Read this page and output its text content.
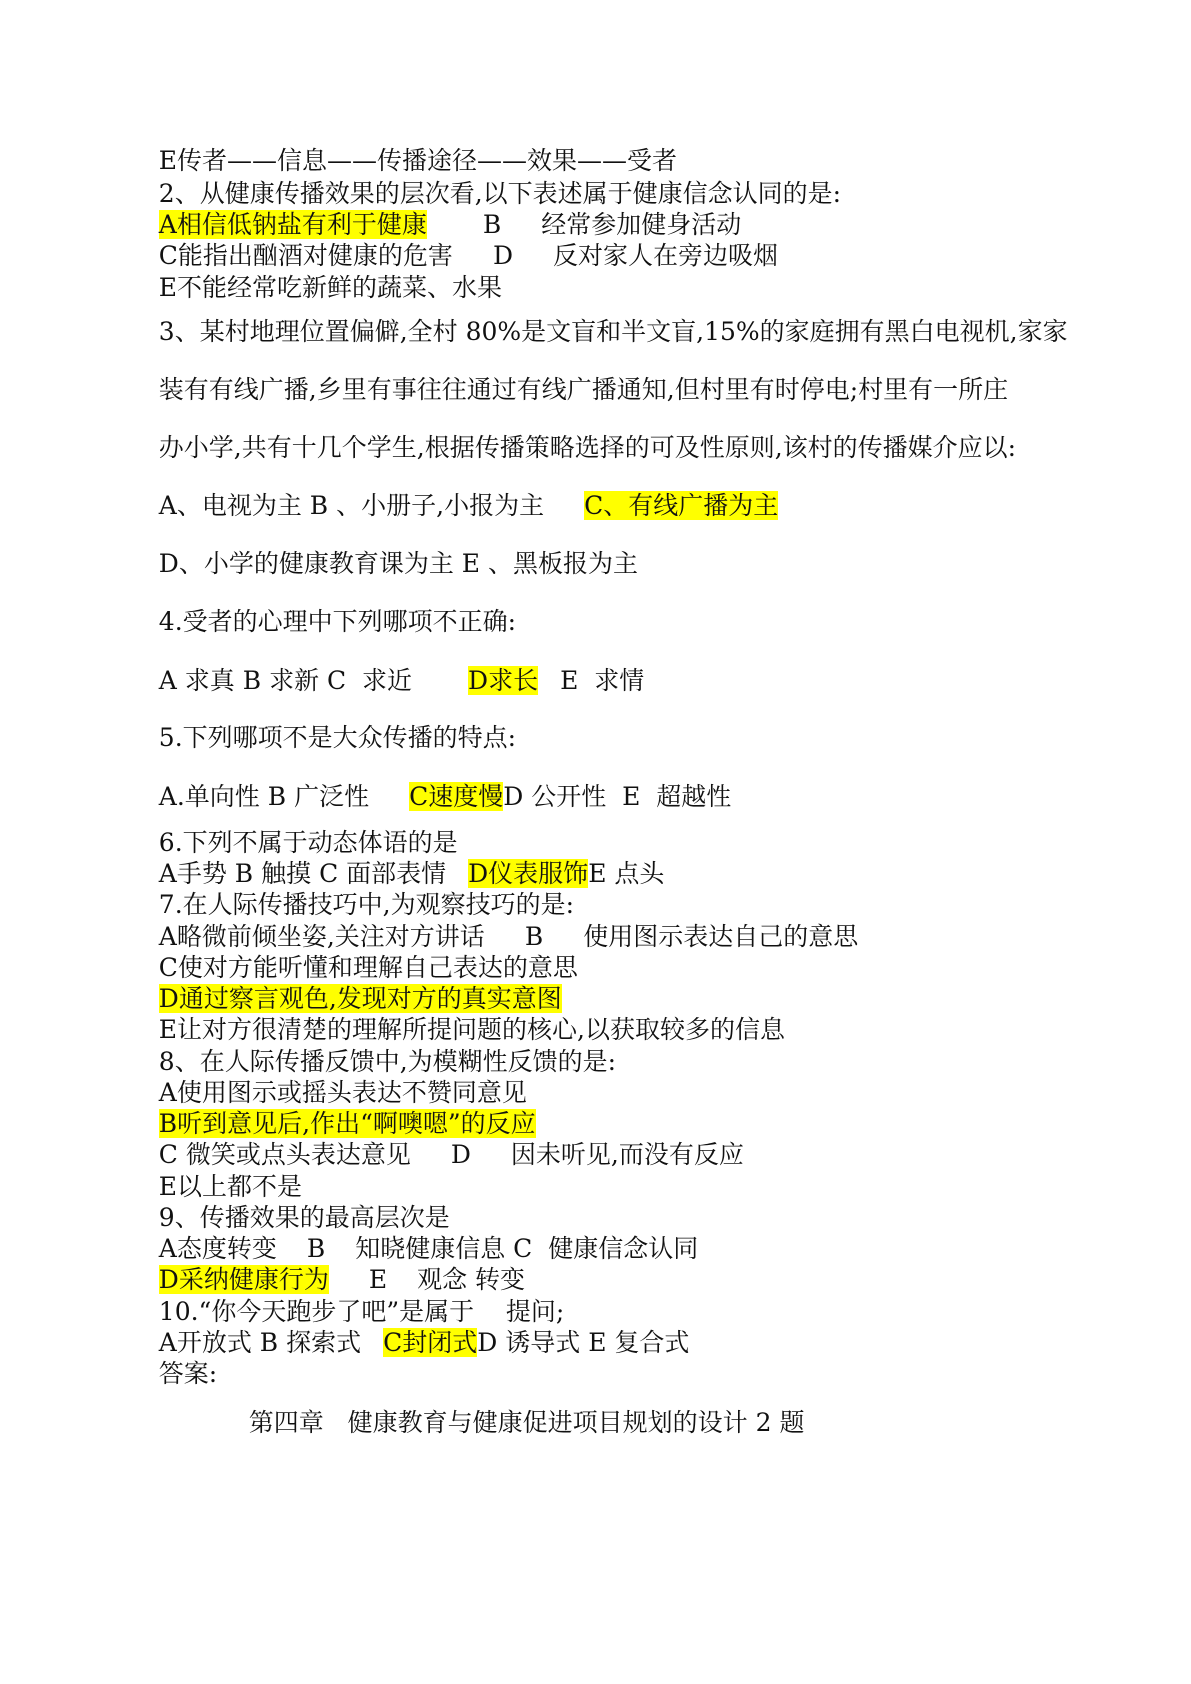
E传者——信息——传播途径——效果——受者

2、从健康传播效果的层次看,以下表述属于健康信念认同的是:

A相信低钠盐有利于健康 B 经常参加健身活动

C能指出酗酒对健康的危害 D 反对家人在旁边吸烟

E不能经常吃新鲜的蔬菜、水果

3、某村地理位置偏僻,全村 80%是文盲和半文盲,15%的家庭拥有黑白电视机,家家

装有有线广播,乡里有事往往通过有线广播通知,但村里有时停电;村里有一所庄

办小学,共有十几个学生,根据传播策略选择的可及性原则,该村的传播媒介应以:

A、电视为主 B 、小册子,小报为主 C、有线广播为主

D、小学的健康教育课为主 E 、黑板报为主

4.受者的心理中下列哪项不正确:

A 求真 B 求新 C  求近 D求长 E  求情

5.下列哪项不是大众传播的特点:

A.单向性 B 广泛性 C速度慢D 公开性  E  超越性

6.下列不属于动态体语的是

A手势 B 触摸 C 面部表情 D仪表服饰E 点头

7.在人际传播技巧中,为观察技巧的是:

A略微前倾坐姿,关注对方讲话 B 使用图示表达自己的意思

C使对方能听懂和理解自己表达的意思

D通过察言观色,发现对方的真实意图

E让对方很清楚的理解所提问题的核心,以获取较多的信息

8、在人际传播反馈中,为模糊性反馈的是:

A使用图示或摇头表达不赞同意见

B听到意见后,作出“啊噢嗯”的反应

C 微笑或点头表达意见 D 因未听见,而没有反应

E以上都不是

9、传播效果的最高层次是

A态度转变 B 知晓健康信息 C  健康信念认同

D采纳健康行为 E 观念 转变

10.“你今天跑步了吧”是属于    提问;

A开放式 B 探索式 C封闭式D 诱导式 E 复合式

答案:

第四章   健康教育与健康促进项目规划的设计 2 题
